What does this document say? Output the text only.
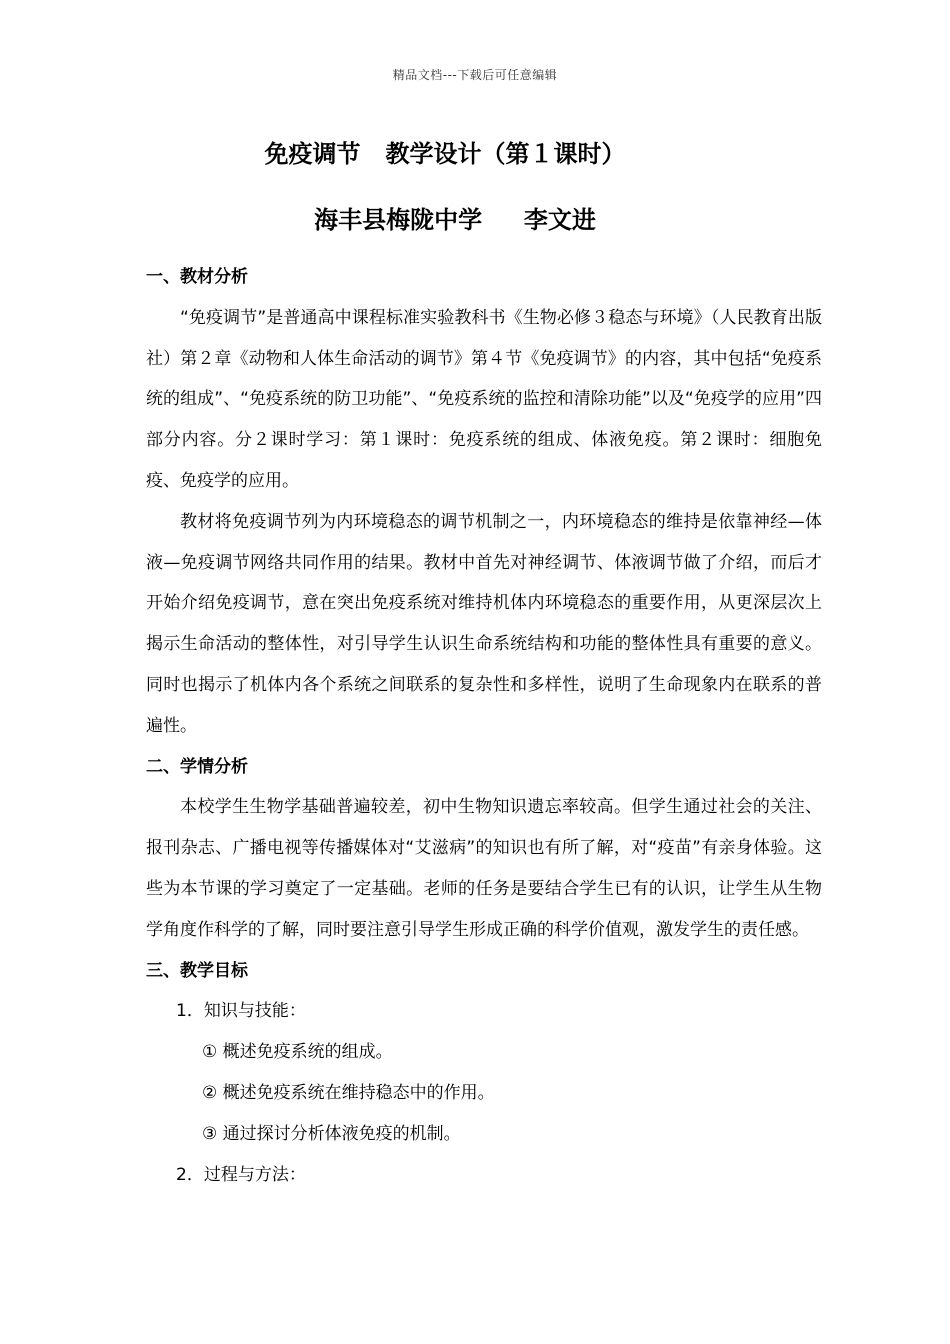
精品文档---下载后可任意编辑
免疫调节   教学设计（第１课时）
海丰县梅陇中学     李文进

一、教材分析

“免疫调节”是普通高中课程标准实验教科书《生物必修３稳态与环境》（人民教育出版社）第２章《动物和人体生命活动的调节》第４节《免疫调节》的内容，其中包括“免疫系统的组成”、“免疫系统的防卫功能”、“免疫系统的监控和清除功能”以及“免疫学的应用”四部分内容。分２课时学习：第１课时：免疫系统的组成、体液免疫。第２课时：细胞免疫、免疫学的应用。

教材将免疫调节列为内环境稳态的调节机制之一，内环境稳态的维持是依靠神经—体液—免疫调节网络共同作用的结果。教材中首先对神经调节、体液调节做了介绍，而后才开始介绍免疫调节，意在突出免疫系统对维持机体内环境稳态的重要作用，从更深层次上揭示生命活动的整体性，对引导学生认识生命系统结构和功能的整体性具有重要的意义。同时也揭示了机体内各个系统之间联系的复杂性和多样性，说明了生命现象内在联系的普遍性。

二、学情分析

本校学生生物学基础普遍较差，初中生物知识遗忘率较高。但学生通过社会的关注、报刊杂志、广播电视等传播媒体对“艾滋病”的知识也有所了解，对“疫苗”有亲身体验。这些为本节课的学习奠定了一定基础。老师的任务是要结合学生已有的认识，让学生从生物学角度作科学的了解，同时要注意引导学生形成正确的科学价值观，激发学生的责任感。

三、教学目标

1．知识与技能：

① 概述免疫系统的组成。

② 概述免疫系统在维持稳态中的作用。

③ 通过探讨分析体液免疫的机制。

2．过程与方法：
